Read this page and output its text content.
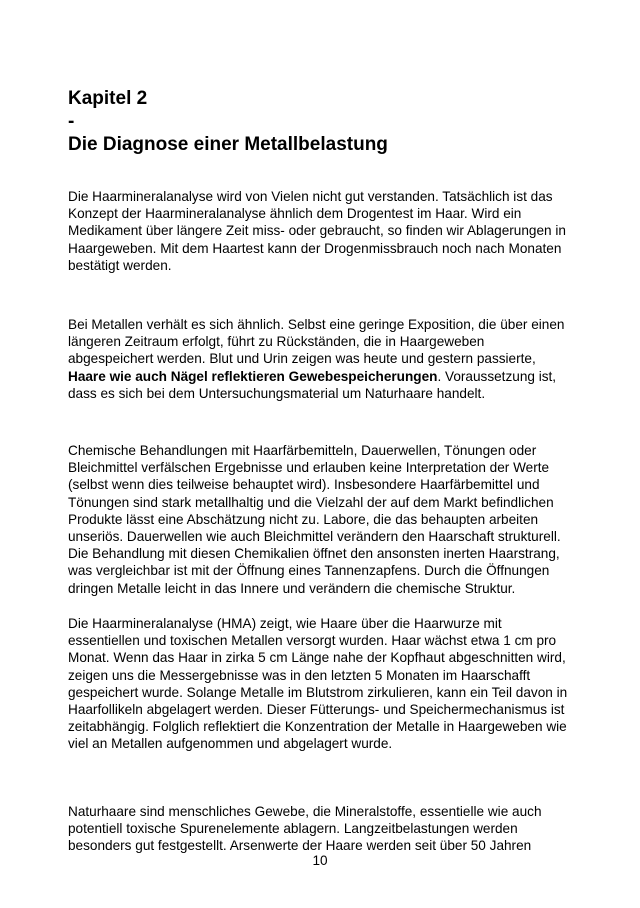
Kapitel 2
-
Die Diagnose einer Metallbelastung

Die Haarmineralanalyse wird von Vielen nicht gut verstanden. Tatsächlich ist das Konzept der Haarmineralanalyse ähnlich dem Drogentest im Haar. Wird ein Medikament über längere Zeit miss- oder gebraucht, so finden wir Ablagerungen in Haargeweben. Mit dem Haartest kann der Drogenmissbrauch noch nach Monaten bestätigt werden.

Bei Metallen verhält es sich ähnlich. Selbst eine geringe Exposition, die über einen längeren Zeitraum erfolgt, führt zu Rückständen, die in Haargeweben abgespeichert werden. Blut und Urin zeigen was heute und gestern passierte, Haare wie auch Nägel reflektieren Gewebespeicherungen. Voraussetzung ist, dass es sich bei dem Untersuchungsmaterial um Naturhaare handelt.

Chemische Behandlungen mit Haarfärbemitteln, Dauerwellen, Tönungen oder Bleichmittel verfälschen Ergebnisse und erlauben keine Interpretation der Werte (selbst wenn dies teilweise behauptet wird). Insbesondere Haarfärbemittel und Tönungen sind stark metallhaltig und die Vielzahl der auf dem Markt befindlichen Produkte lässt eine Abschätzung nicht zu. Labore, die das behaupten arbeiten unseriös. Dauerwellen wie auch Bleichmittel verändern den Haarschaft strukturell. Die Behandlung mit diesen Chemikalien öffnet den ansonsten inerten Haarstrang, was vergleichbar ist mit der Öffnung eines Tannenzapfens. Durch die Öffnungen dringen Metalle leicht in das Innere und verändern die chemische Struktur.

Die Haarmineralanalyse (HMA) zeigt, wie Haare über die Haarwurze mit essentiellen und toxischen Metallen versorgt wurden. Haar wächst etwa 1 cm pro Monat. Wenn das Haar in zirka 5 cm Länge nahe der Kopfhaut abgeschnitten wird, zeigen uns die Messergebnisse was in den letzten 5 Monaten im Haarschafft gespeichert wurde. Solange Metalle im Blutstrom zirkulieren, kann ein Teil davon in Haarfollikeln abgelagert werden. Dieser Fütterungs- und Speichermechanismus ist zeitabhängig. Folglich reflektiert die Konzentration der Metalle in Haargeweben wie viel an Metallen aufgenommen und abgelagert wurde.

Naturhaare sind menschliches Gewebe, die Mineralstoffe, essentielle wie auch potentiell toxische Spurenelemente ablagern. Langzeitbelastungen werden besonders gut festgestellt. Arsenwerte der Haare werden seit über 50 Jahren

10
